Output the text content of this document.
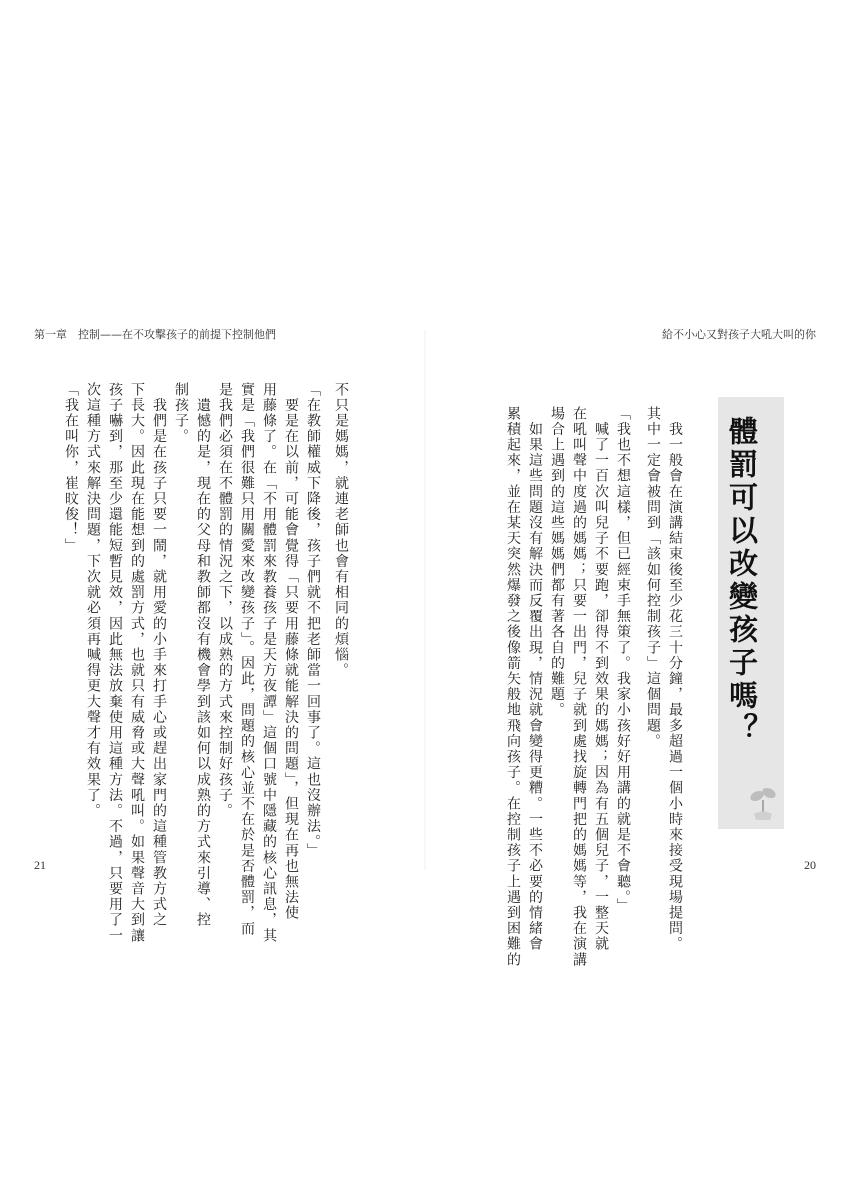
第一章　控制——在不攻擊孩子的前提下控制他們
21
不只是媽媽，就連老師也會有相同的煩惱。
「在教師權威下降後，孩子們就不把老師當一回事了。這也沒辦法。」
　要是在以前，可能會覺得「只要用藤條就能解決的問題」，但現在再也無法使
用藤條了。在「不用體罰來教養孩子是天方夜譚」這個口號中隱藏的核心訊息，其
實是「我們很難只用關愛來改變孩子」。因此，問題的核心並不在於是否體罰，而
是我們必須在不體罰的情況之下，以成熟的方式來控制好孩子。
　遺憾的是，現在的父母和教師都沒有機會學到該如何以成熟的方式來引導、控
制孩子。
　我們是在孩子只要一鬧，就用愛的小手來打手心或趕出家門的這種管教方式之
下長大。因此現在能想到的處罰方式，也就只有威脅或大聲吼叫。如果聲音大到讓
孩子嚇到，那至少還能短暫見效，因此無法放棄使用這種方法。不過，只要用了一
次這種方式來解決問題，下次就必須再喊得更大聲才有效果了。
「我在叫你，崔旼俊！」
給不小心又對孩子大吼大叫的你
20
體罰可以改變孩子嗎？
　我一般會在演講結束後至少花三十分鐘，最多超過一個小時來接受現場提問。
其中一定會被問到「該如何控制孩子」這個問題。
「我也不想這樣，但已經束手無策了。我家小孩好好用講的就是不會聽。」
　喊了一百次叫兒子不要跑，卻得不到效果的媽媽；因為有五個兒子，一整天就
在吼叫聲中度過的媽媽；只要一出門，兒子就到處找旋轉門把的媽媽等，我在演講
場合上遇到的這些媽媽們都有著各自的難題。
　如果這些問題沒有解決而反覆出現，情況就會變得更糟。一些不必要的情緒會
累積起來，並在某天突然爆發之後像箭矢般地飛向孩子。在控制孩子上遇到困難的
